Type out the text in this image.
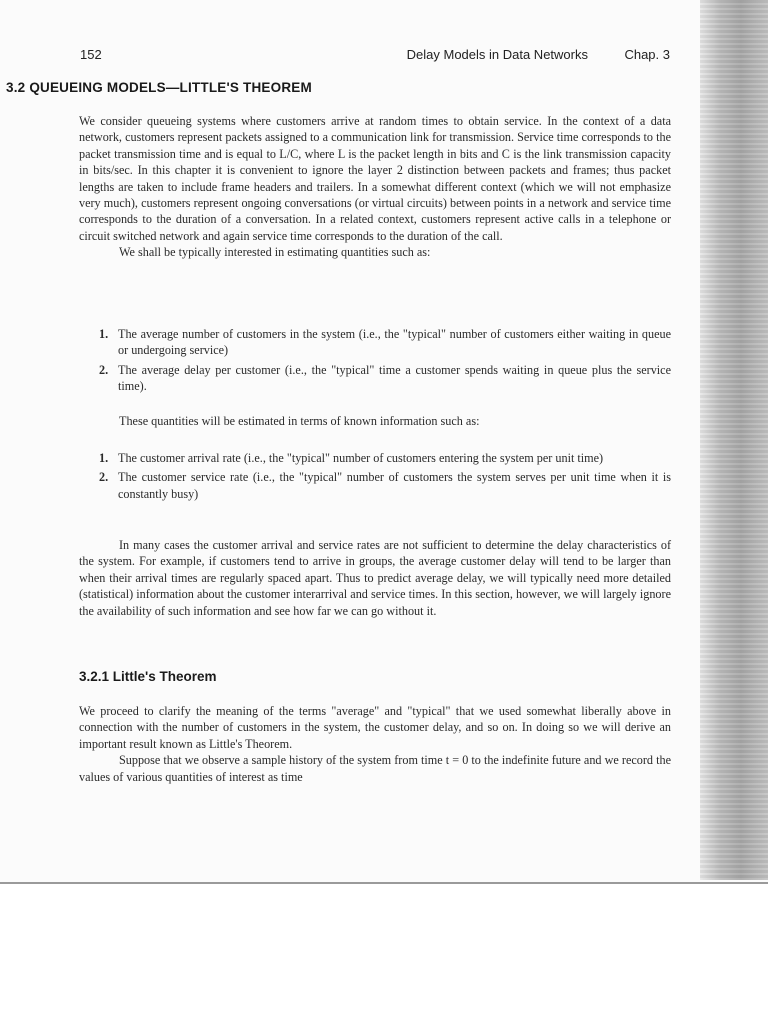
152	Delay Models in Data Networks	Chap. 3
3.2 QUEUEING MODELS—LITTLE'S THEOREM

We consider queueing systems where customers arrive at random times to obtain service. In the context of a data network, customers represent packets assigned to a communication link for transmission. Service time corresponds to the packet transmission time and is equal to L/C, where L is the packet length in bits and C is the link transmission capacity in bits/sec. In this chapter it is convenient to ignore the layer 2 distinction between packets and frames; thus packet lengths are taken to include frame headers and trailers. In a somewhat different context (which we will not emphasize very much), customers represent ongoing conversations (or virtual circuits) between points in a network and service time corresponds to the duration of a conversation. In a related context, customers represent active calls in a telephone or circuit switched network and again service time corresponds to the duration of the call.

We shall be typically interested in estimating quantities such as:

1. The average number of customers in the system (i.e., the "typical" number of customers either waiting in queue or undergoing service)
2. The average delay per customer (i.e., the "typical" time a customer spends waiting in queue plus the service time).

These quantities will be estimated in terms of known information such as:

1. The customer arrival rate (i.e., the "typical" number of customers entering the system per unit time)
2. The customer service rate (i.e., the "typical" number of customers the system serves per unit time when it is constantly busy)

In many cases the customer arrival and service rates are not sufficient to determine the delay characteristics of the system. For example, if customers tend to arrive in groups, the average customer delay will tend to be larger than when their arrival times are regularly spaced apart. Thus to predict average delay, we will typically need more detailed (statistical) information about the customer interarrival and service times. In this section, however, we will largely ignore the availability of such information and see how far we can go without it.

3.2.1 Little's Theorem

We proceed to clarify the meaning of the terms "average" and "typical" that we used somewhat liberally above in connection with the number of customers in the system, the customer delay, and so on. In doing so we will derive an important result known as Little's Theorem.

Suppose that we observe a sample history of the system from time t = 0 to the indefinite future and we record the values of various quantities of interest as time
